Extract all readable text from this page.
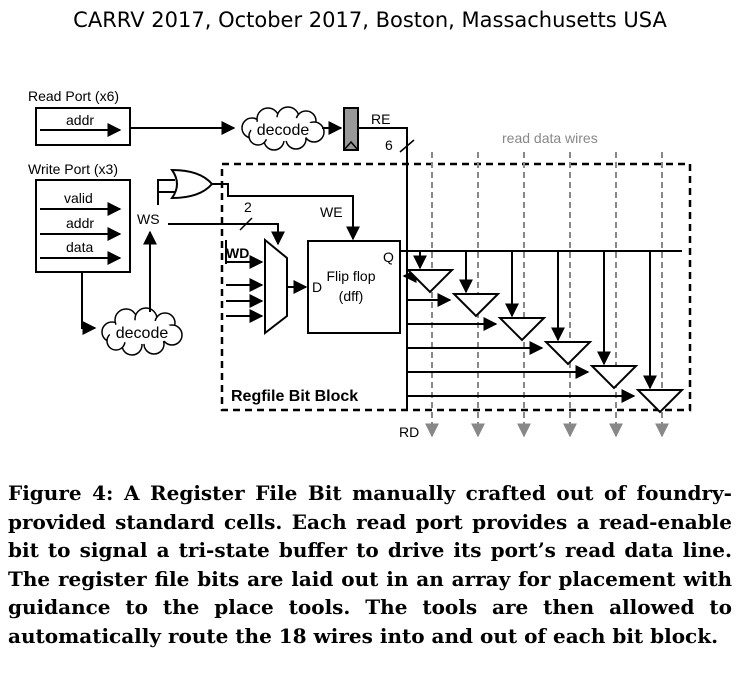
CARRV 2017, October 2017, Boston, Massachusetts USA
Read Port (x6)
addr
decode
RE
6	read data wires
Write Port (x3)
valid
addr
data
decode
WS	WE
2
Regfile Bit Block
WD
D
Q
Flip flop
(dff)
RD
Figure 4: A Register File Bit manually crafted out of foundry-provided standard cells. Each read port provides a read-enable bit to signal a tri-state buffer to drive its port’s read data line. The register file bits are laid out in an array for placement with guidance to the place tools. The tools are then allowed to automatically route the 18 wires into and out of each bit block.
